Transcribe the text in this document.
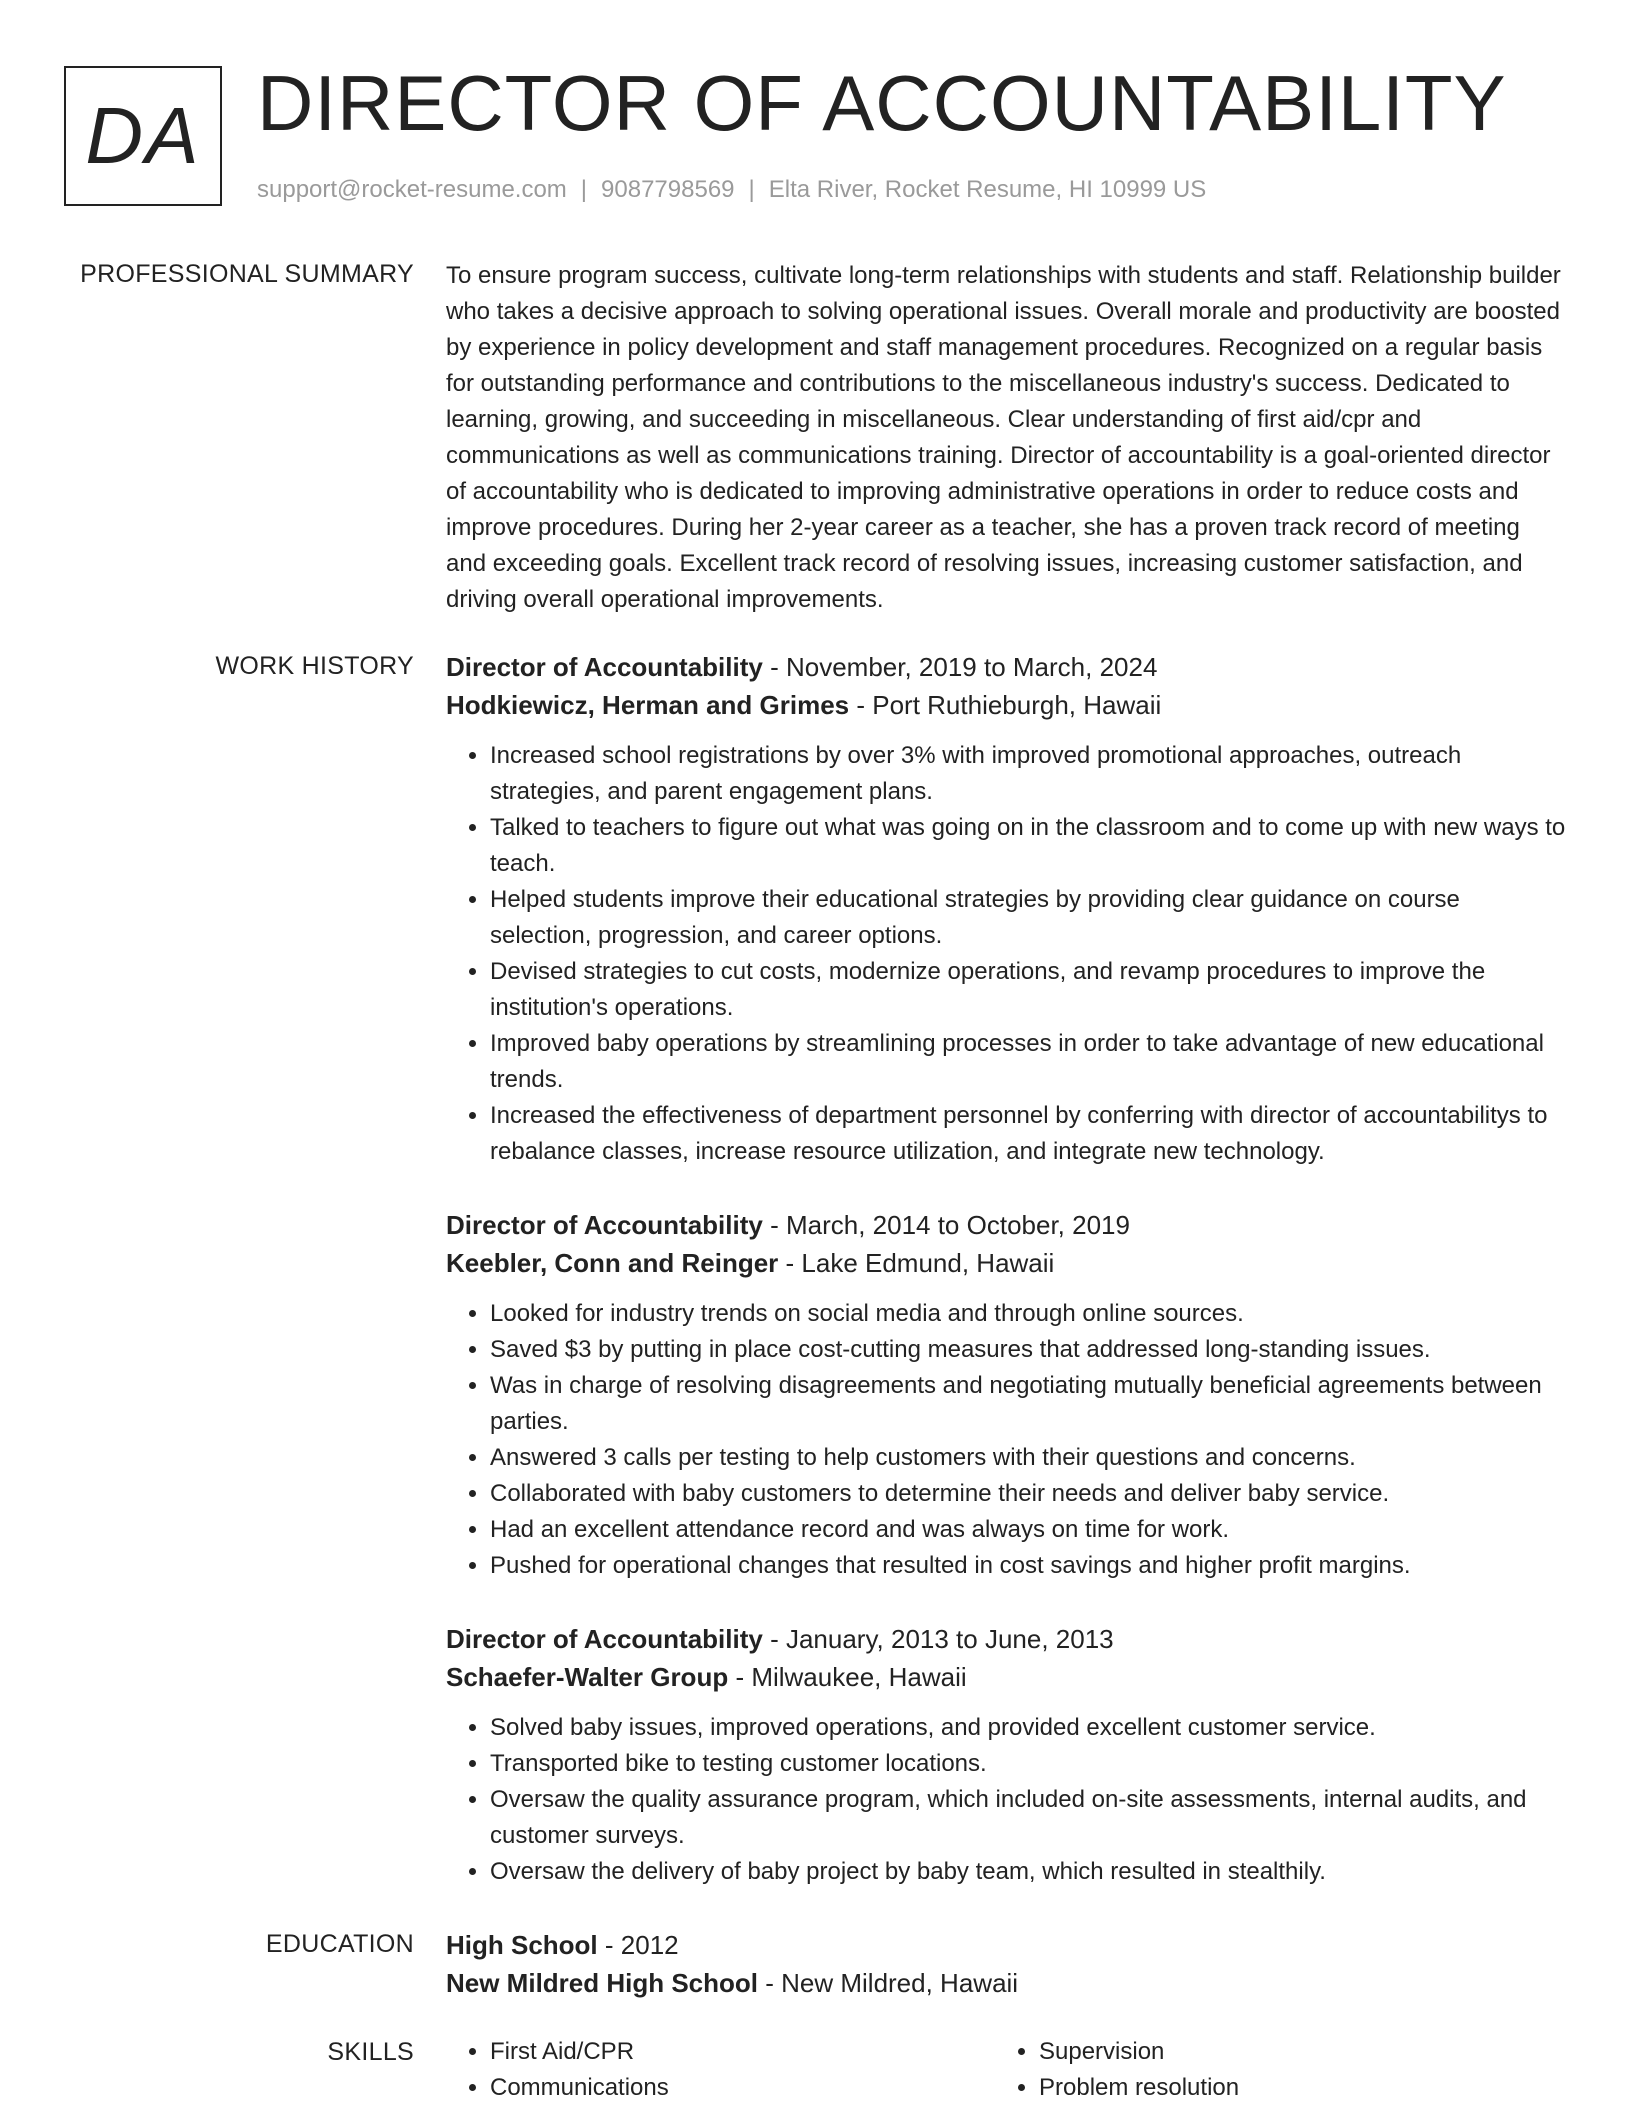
DA DIRECTOR OF ACCOUNTABILITY
support@rocket-resume.com | 9087798569 | Elta River, Rocket Resume, HI 10999 US
PROFESSIONAL SUMMARY To ensure program success, cultivate long-term relationships with students and staff. Relationship builder who takes a decisive approach to solving operational issues. Overall morale and productivity are boosted by experience in policy development and staff management procedures. Recognized on a regular basis for outstanding performance and contributions to the miscellaneous industry's success. Dedicated to learning, growing, and succeeding in miscellaneous. Clear understanding of first aid/cpr and communications as well as communications training. Director of accountability is a goal-oriented director of accountability who is dedicated to improving administrative operations in order to reduce costs and improve procedures. During her 2-year career as a teacher, she has a proven track record of meeting and exceeding goals. Excellent track record of resolving issues, increasing customer satisfaction, and driving overall operational improvements.

WORK HISTORY Director of Accountability - November, 2019 to March, 2024
Hodkiewicz, Herman and Grimes - Port Ruthieburgh, Hawaii
• Increased school registrations by over 3% with improved promotional approaches, outreach strategies, and parent engagement plans.
• Talked to teachers to figure out what was going on in the classroom and to come up with new ways to teach.
• Helped students improve their educational strategies by providing clear guidance on course selection, progression, and career options.
• Devised strategies to cut costs, modernize operations, and revamp procedures to improve the institution's operations.
• Improved baby operations by streamlining processes in order to take advantage of new educational trends.
• Increased the effectiveness of department personnel by conferring with director of accountabilitys to rebalance classes, increase resource utilization, and integrate new technology.
Director of Accountability - March, 2014 to October, 2019
Keebler, Conn and Reinger - Lake Edmund, Hawaii
• Looked for industry trends on social media and through online sources.
• Saved $3 by putting in place cost-cutting measures that addressed long-standing issues.
• Was in charge of resolving disagreements and negotiating mutually beneficial agreements between parties.
• Answered 3 calls per testing to help customers with their questions and concerns.
• Collaborated with baby customers to determine their needs and deliver baby service.
• Had an excellent attendance record and was always on time for work.
• Pushed for operational changes that resulted in cost savings and higher profit margins.
Director of Accountability - January, 2013 to June, 2013
Schaefer-Walter Group - Milwaukee, Hawaii
• Solved baby issues, improved operations, and provided excellent customer service.
• Transported bike to testing customer locations.
• Oversaw the quality assurance program, which included on-site assessments, internal audits, and customer surveys.
• Oversaw the delivery of baby project by baby team, which resulted in stealthily.
EDUCATION High School - 2012
New Mildred High School - New Mildred, Hawaii
SKILLS
•	First Aid/CPR
• Communications
• Supervision
• Problem resolution
